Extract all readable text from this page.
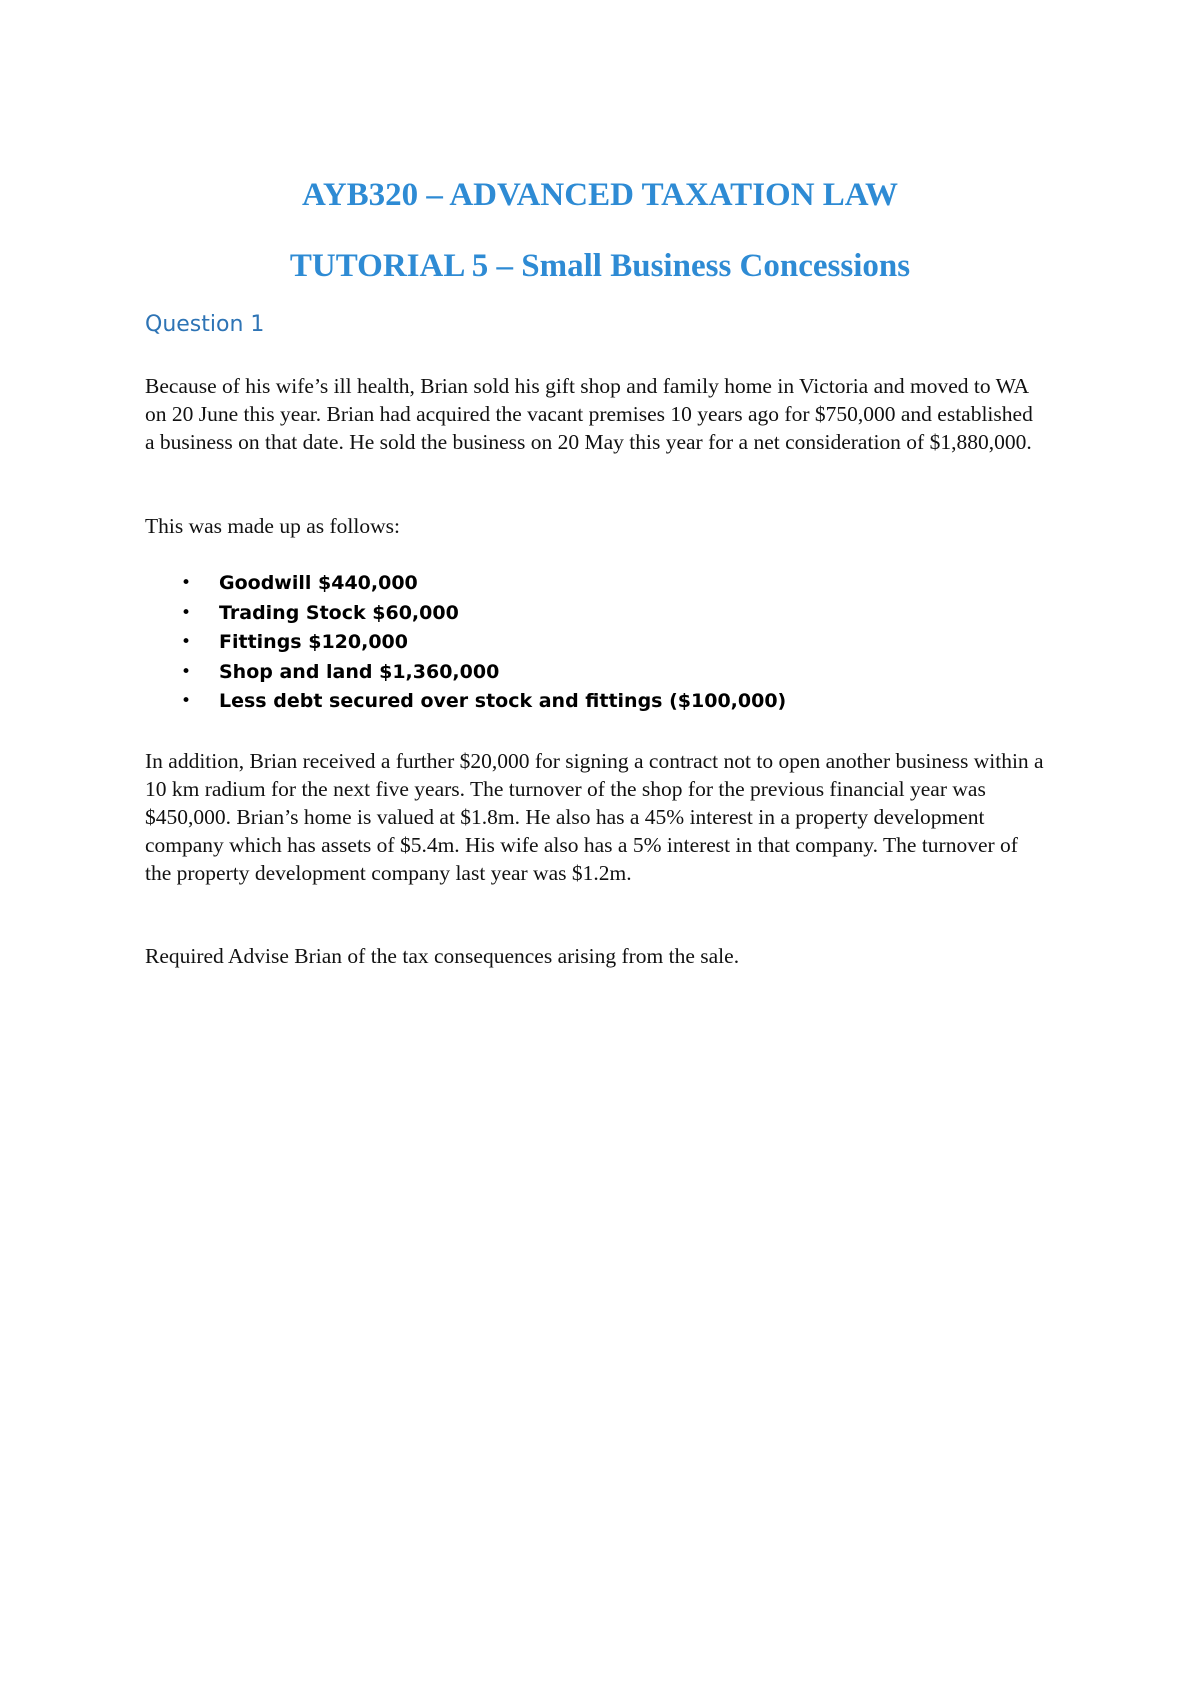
AYB320 – ADVANCED TAXATION LAW
TUTORIAL 5 – Small Business Concessions
Question 1

Because of his wife’s ill health, Brian sold his gift shop and family home in Victoria and moved to WA on 20 June this year. Brian had acquired the vacant premises 10 years ago for $750,000 and established a business on that date. He sold the business on 20 May this year for a net consideration of $1,880,000.

This was made up as follows:

• Goodwill $440,000
• Trading Stock $60,000
• Fittings $120,000
• Shop and land $1,360,000
• Less debt secured over stock and fittings ($100,000)

In addition, Brian received a further $20,000 for signing a contract not to open another business within a 10 km radium for the next five years. The turnover of the shop for the previous financial year was $450,000. Brian’s home is valued at $1.8m. He also has a 45% interest in a property development company which has assets of $5.4m. His wife also has a 5% interest in that company. The turnover of the property development company last year was $1.2m.

Required Advise Brian of the tax consequences arising from the sale.
